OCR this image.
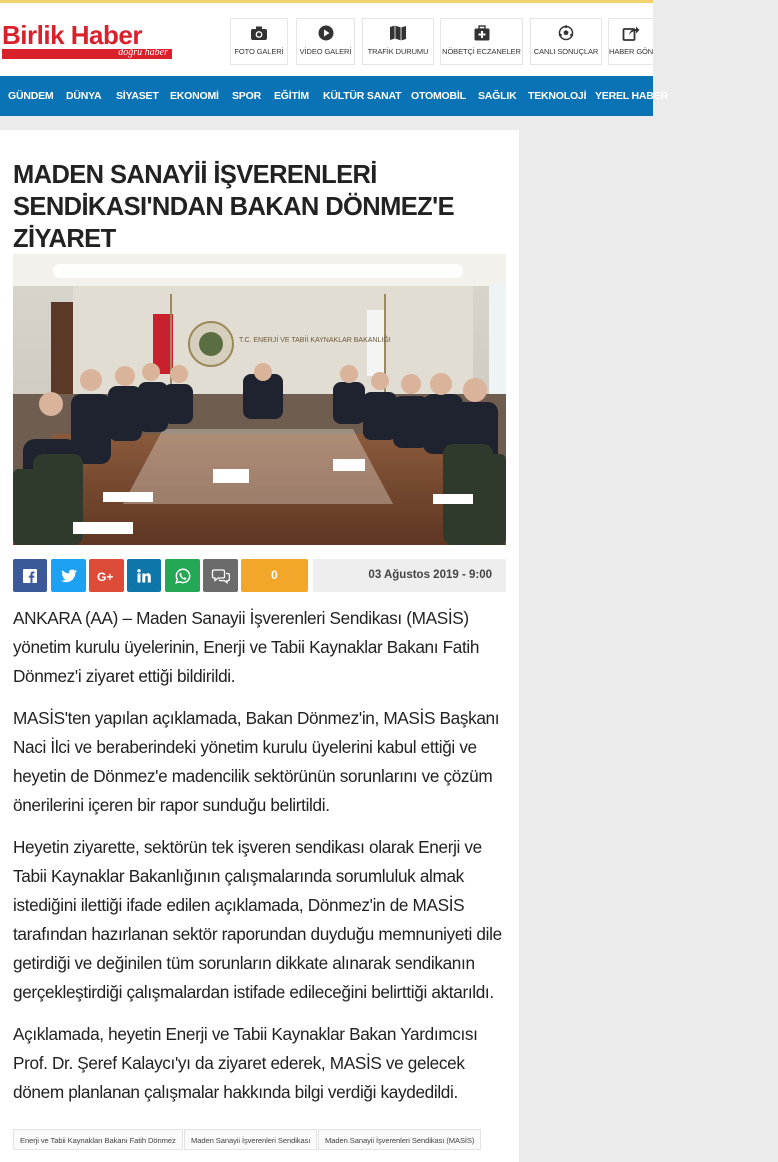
Birlik Haber
doğru haber	FOTO GALERİ	VİDEO GALERİ	TRAFİK DURUMU	NÖBETÇİ ECZANELER	CANLI SONUÇLAR	HABER GÖN
GÜNDEM DÜNYA SİYASET EKONOMİ SPOR EĞİTİM KÜLTÜR SANAT OTOMOBİL SAĞLIK TEKNOLOJİ YEREL HABER
MADEN SANAYİİ İŞVERENLERİ SENDİKASI'NDAN BAKAN DÖNMEZ'E ZİYARET
T.C. ENERJİ VE TABİİ KAYNAKLAR BAKANLIĞI
G+	0	03 Ağustos 2019 - 9:00

ANKARA (AA) – Maden Sanayii İşverenleri Sendikası (MASİS) yönetim kurulu üyelerinin, Enerji ve Tabii Kaynaklar Bakanı Fatih Dönmez'i ziyaret ettiği bildirildi.

MASİS'ten yapılan açıklamada, Bakan Dönmez'in, MASİS Başkanı Naci İlci ve beraberindeki yönetim kurulu üyelerini kabul ettiği ve heyetin de Dönmez'e madencilik sektörünün sorunlarını ve çözüm önerilerini içeren bir rapor sunduğu belirtildi.

Heyetin ziyarette, sektörün tek işveren sendikası olarak Enerji ve Tabii Kaynaklar Bakanlığının çalışmalarında sorumluluk almak istediğini ilettiği ifade edilen açıklamada, Dönmez'in de MASİS tarafından hazırlanan sektör raporundan duyduğu memnuniyeti dile getirdiği ve değinilen tüm sorunların dikkate alınarak sendikanın gerçekleştirdiği çalışmalardan istifade edileceğini belirttiği aktarıldı.

Açıklamada, heyetin Enerji ve Tabii Kaynaklar Bakan Yardımcısı Prof. Dr. Şeref Kalaycı'yı da ziyaret ederek, MASİS ve gelecek dönem planlanan çalışmalar hakkında bilgi verdiği kaydedildi.

Enerji ve Tabii Kaynakları Bakanı Fatih Dönmez	Maden Sanayii İşverenleri Sendikası	Maden Sanayii İşverenleri Sendikası (MASİS)
